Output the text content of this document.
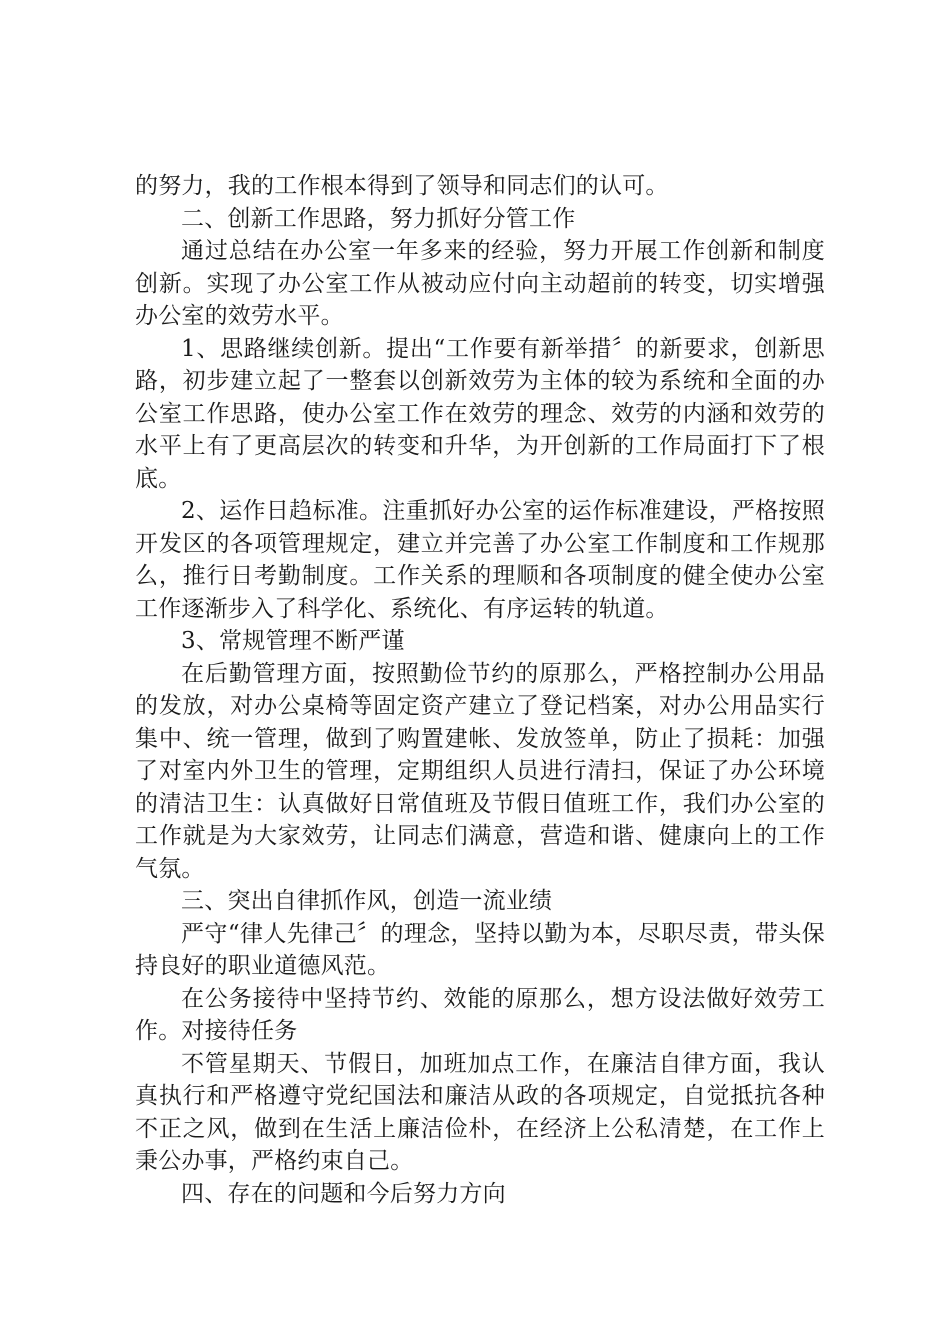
的努力，我的工作根本得到了领导和同志们的认可。

二、创新工作思路，努力抓好分管工作

通过总结在办公室一年多来的经验，努力开展工作创新和制度创新。实现了办公室工作从被动应付向主动超前的转变，切实增强办公室的效劳水平。

1、思路继续创新。提出“工作要有新举措〞的新要求，创新思路，初步建立起了一整套以创新效劳为主体的较为系统和全面的办公室工作思路，使办公室工作在效劳的理念、效劳的内涵和效劳的水平上有了更高层次的转变和升华，为开创新的工作局面打下了根底。

2、运作日趋标准。注重抓好办公室的运作标准建设，严格按照开发区的各项管理规定，建立并完善了办公室工作制度和工作规那么，推行日考勤制度。工作关系的理顺和各项制度的健全使办公室工作逐渐步入了科学化、系统化、有序运转的轨道。

3、常规管理不断严谨

在后勤管理方面，按照勤俭节约的原那么，严格控制办公用品的发放，对办公桌椅等固定资产建立了登记档案，对办公用品实行集中、统一管理，做到了购置建帐、发放签单，防止了损耗：加强了对室内外卫生的管理，定期组织人员进行清扫，保证了办公环境的清洁卫生：认真做好日常值班及节假日值班工作，我们办公室的工作就是为大家效劳，让同志们满意，营造和谐、健康向上的工作气氛。

三、突出自律抓作风，创造一流业绩

严守“律人先律己〞的理念，坚持以勤为本，尽职尽责，带头保持良好的职业道德风范。

在公务接待中坚持节约、效能的原那么，想方设法做好效劳工作。对接待任务

不管星期天、节假日，加班加点工作，在廉洁自律方面，我认真执行和严格遵守党纪国法和廉洁从政的各项规定，自觉抵抗各种不正之风，做到在生活上廉洁俭朴，在经济上公私清楚，在工作上秉公办事，严格约束自己。

四、存在的问题和今后努力方向
